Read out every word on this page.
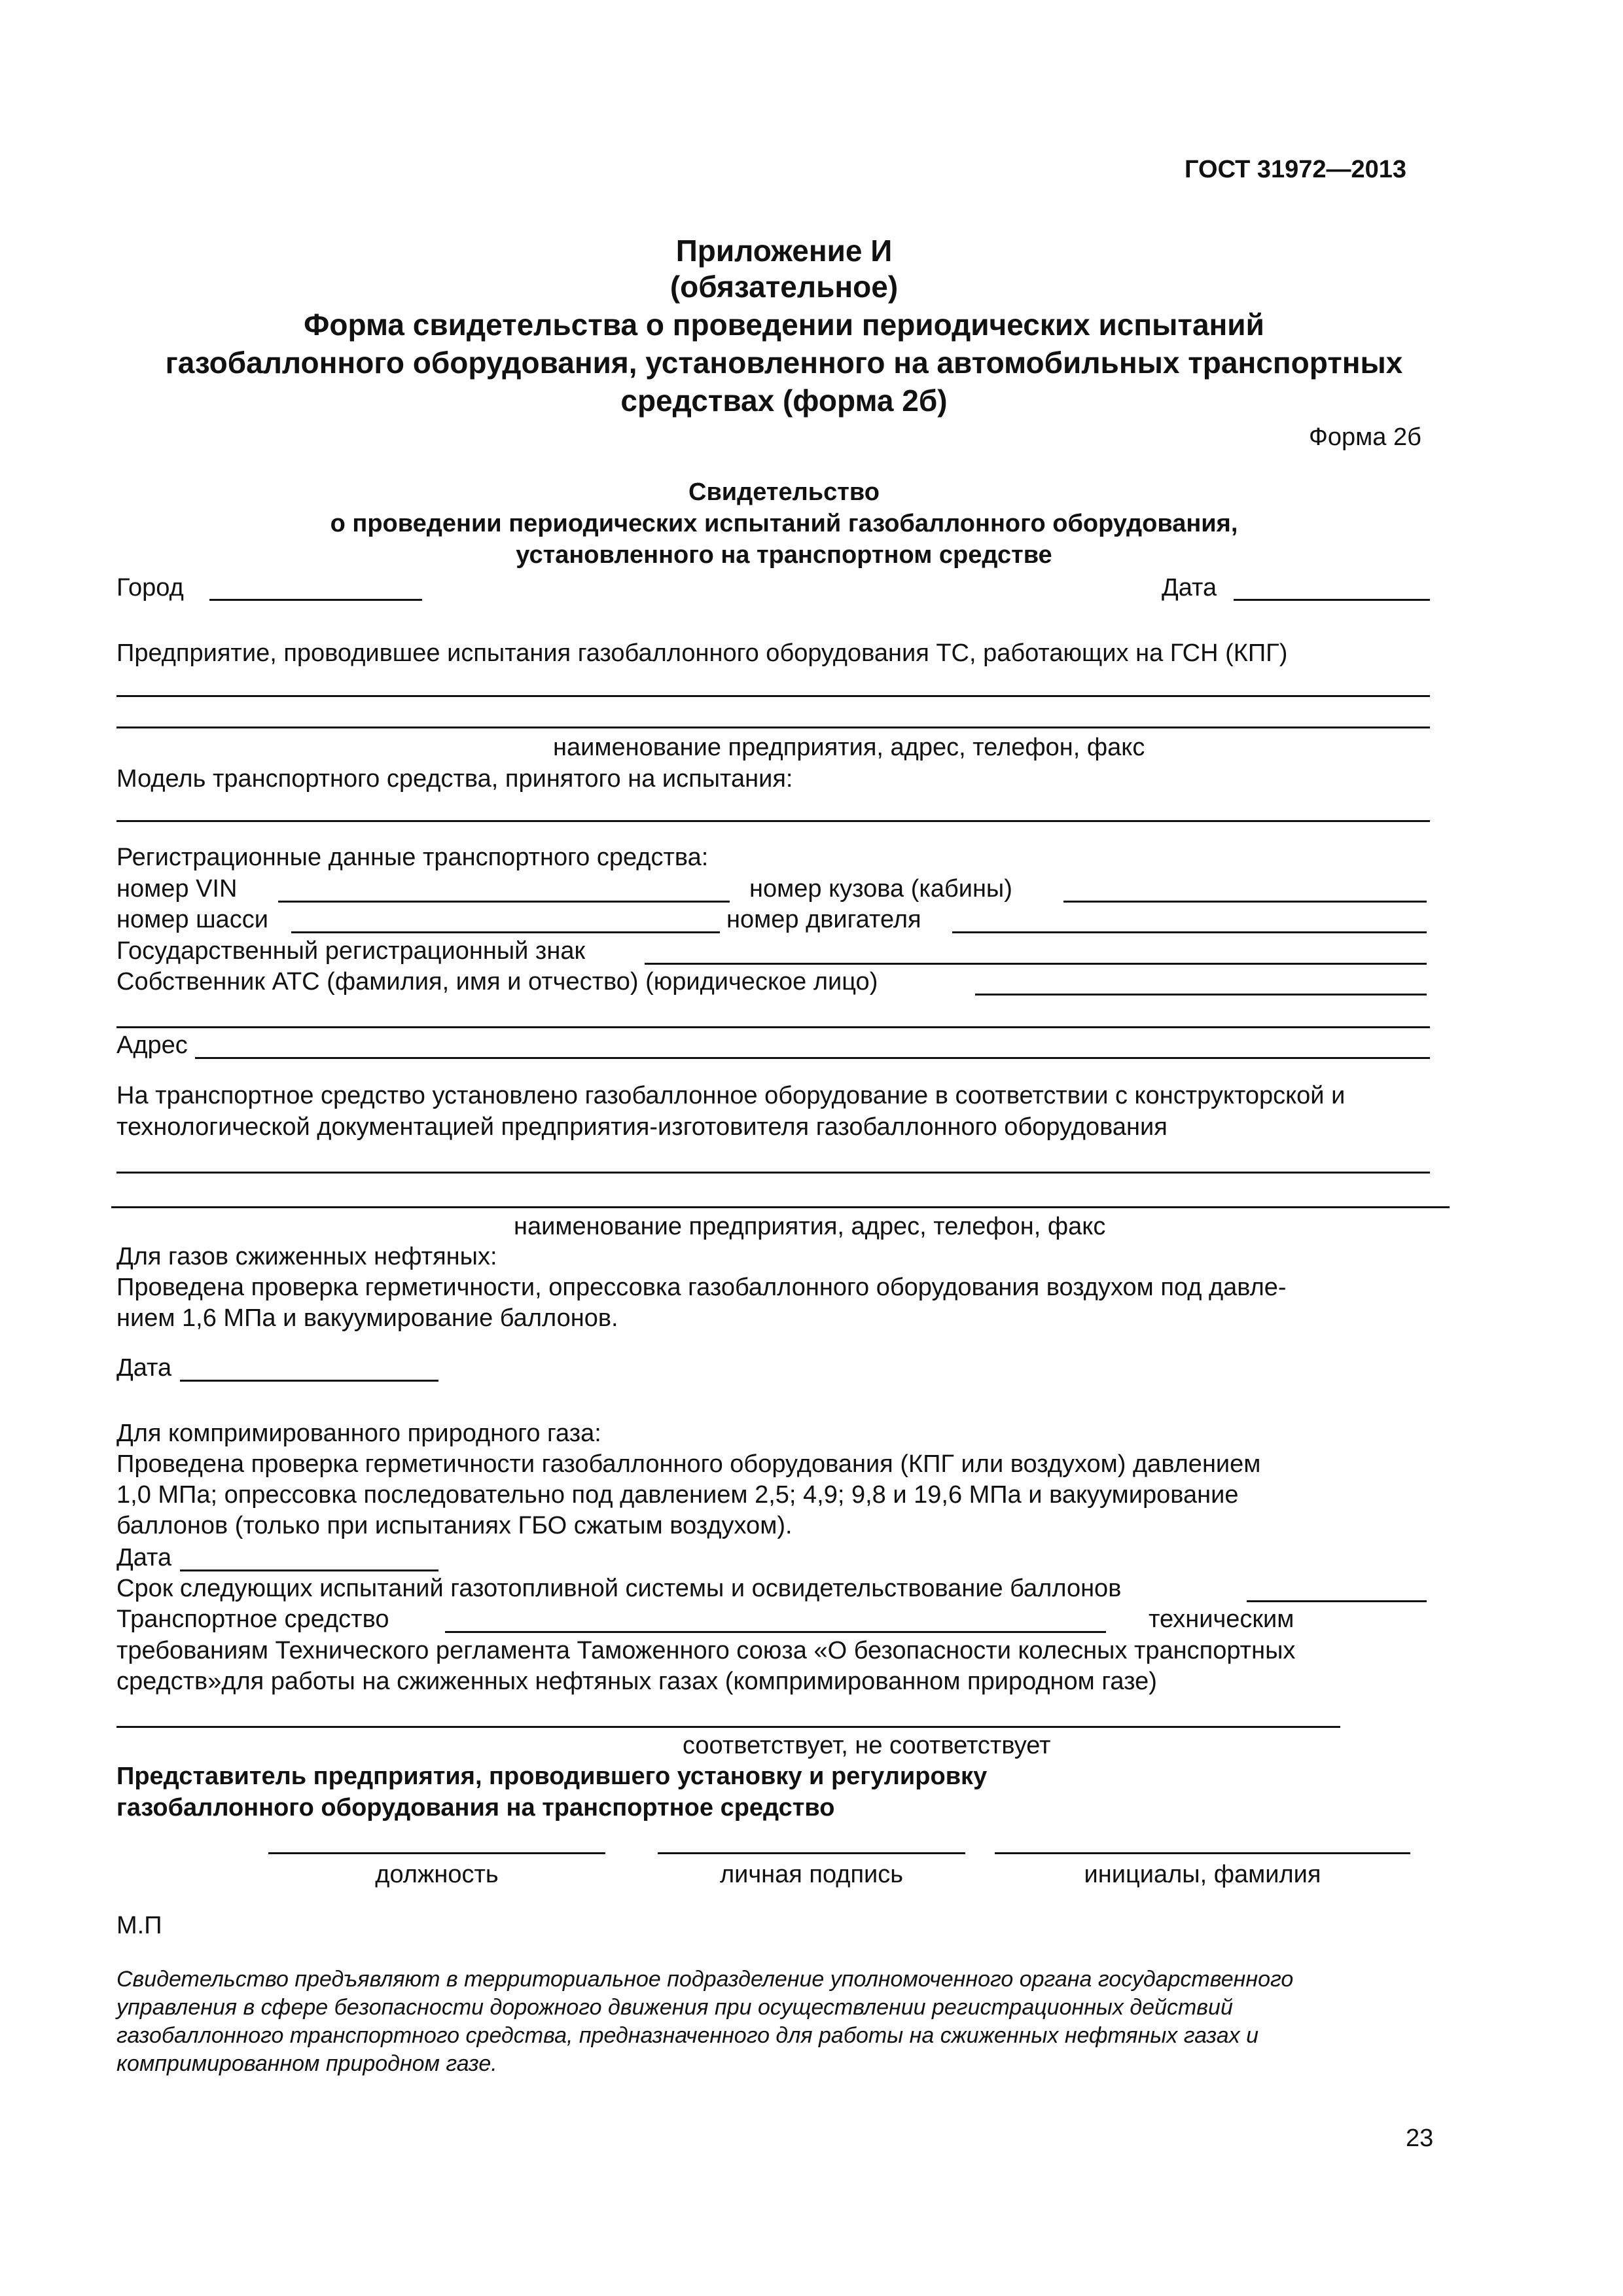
ГОСТ 31972—2013
Приложение И
(обязательное)
Форма свидетельства о проведении периодических испытаний
газобаллонного оборудования, установленного на автомобильных транспортных
средствах (форма 2б)
Форма 2б
Свидетельство
о проведении периодических испытаний газобаллонного оборудования,
установленного на транспортном средстве
Город	Дата
Предприятие, проводившее испытания газобаллонного оборудования ТС, работающих на ГСН (КПГ)
наименование предприятия, адрес, телефон, факс
Модель транспортного средства, принятого на испытания:
Регистрационные данные транспортного средства:
номер VIN	номер кузова (кабины)
номер шасси	номер двигателя
Государственный регистрационный знак
Собственник АТС (фамилия, имя и отчество) (юридическое лицо)
Адрес
На транспортное средство установлено газобаллонное оборудование в соответствии с конструкторской и
технологической документацией предприятия-изготовителя газобаллонного оборудования
наименование предприятия, адрес, телефон, факс
Для газов сжиженных нефтяных:
Проведена проверка герметичности, опрессовка газобаллонного оборудования воздухом под давле-
нием 1,6 МПа и вакуумирование баллонов.
Дата
Для компримированного природного газа:
Проведена проверка герметичности газобаллонного оборудования (КПГ или воздухом) давлением
1,0 МПа; опрессовка последовательно под давлением 2,5; 4,9; 9,8 и 19,6 МПа и вакуумирование
баллонов (только при испытаниях ГБО сжатым воздухом).
Дата
Срок следующих испытаний газотопливной системы и освидетельствование баллонов
Транспортное средство	техническим
требованиям Технического регламента Таможенного союза «О безопасности колесных транспортных
средств»для работы на сжиженных нефтяных газах (компримированном природном газе)
соответствует, не соответствует
Представитель предприятия, проводившего установку и регулировку
газобаллонного оборудования на транспортное средство
должность	личная подпись	инициалы, фамилия
М.П
Свидетельство предъявляют в территориальное подразделение уполномоченного органа государственного
управления в сфере безопасности дорожного движения при осуществлении регистрационных действий
газобаллонного транспортного средства, предназначенного для работы на сжиженных нефтяных газах и
компримированном природном газе.
23
